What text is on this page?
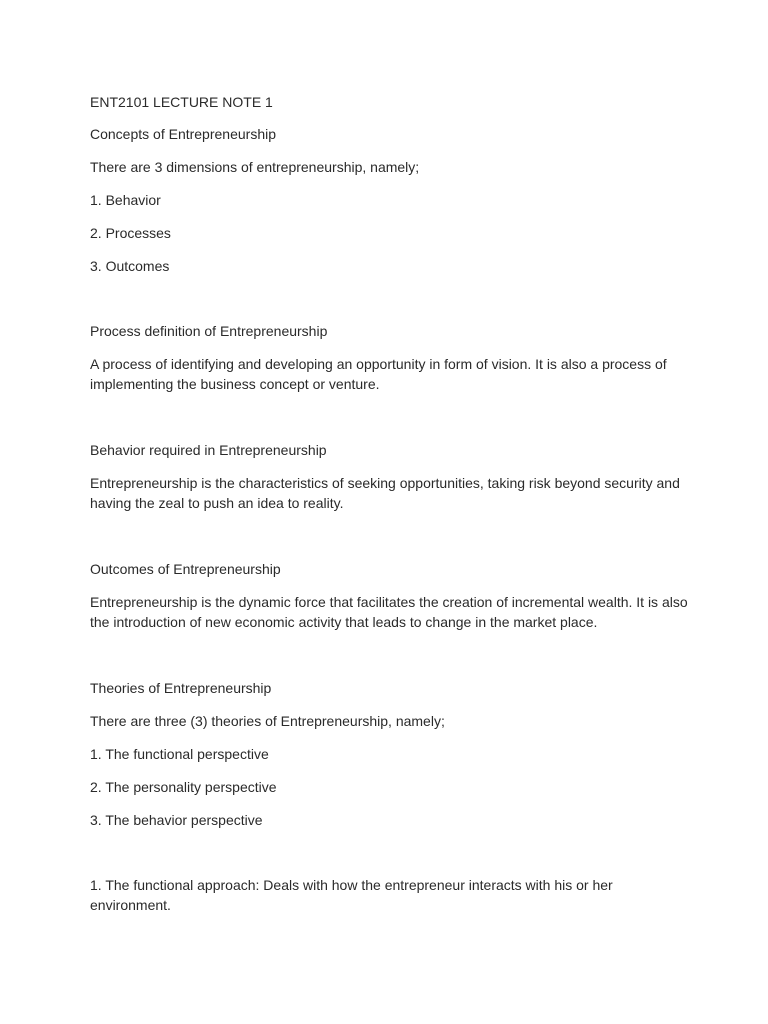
ENT2101 LECTURE NOTE 1

Concepts of Entrepreneurship

There are 3 dimensions of entrepreneurship, namely;

1. Behavior

2. Processes

3. Outcomes

Process definition of Entrepreneurship

A process of identifying and developing an opportunity in form of vision. It is also a process of implementing the business concept or venture.

Behavior required in Entrepreneurship

Entrepreneurship is the characteristics of seeking opportunities, taking risk beyond security and having the zeal to push an idea to reality.

Outcomes of Entrepreneurship

Entrepreneurship is the dynamic force that facilitates the creation of incremental wealth. It is also the introduction of new economic activity that leads to change in the market place.

Theories of Entrepreneurship

There are three (3) theories of Entrepreneurship, namely;

1. The functional perspective

2. The personality perspective

3. The behavior perspective

1. The functional approach: Deals with how the entrepreneur interacts with his or her environment.
